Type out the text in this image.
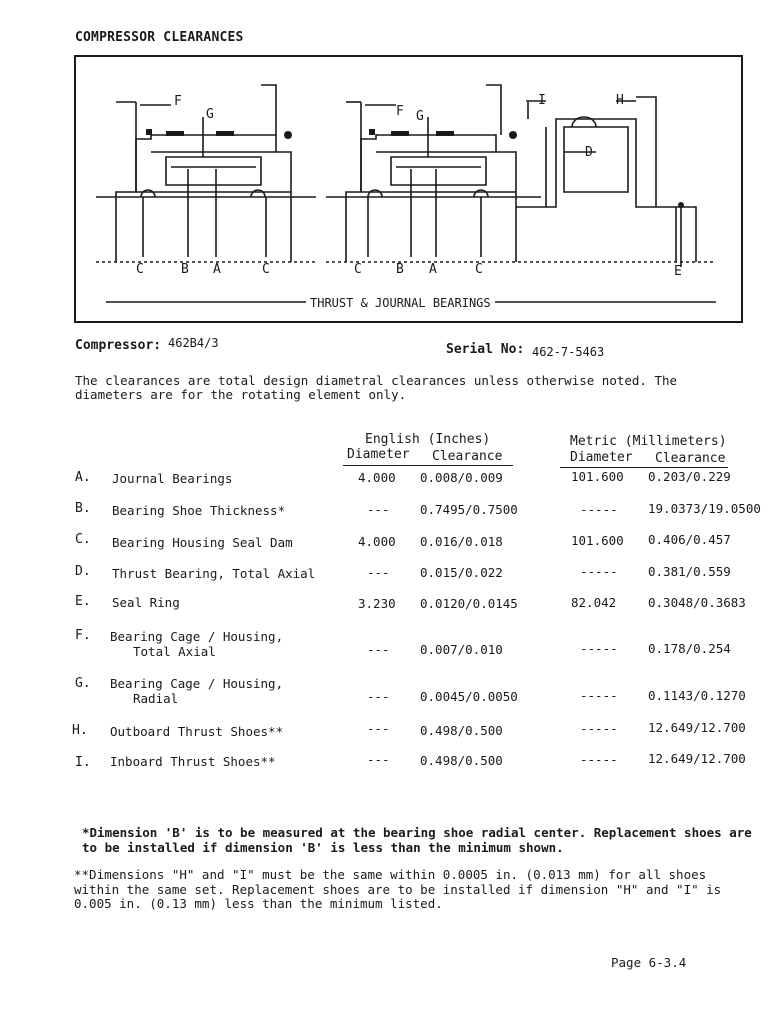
COMPRESSOR CLEARANCES
F
G
C	B A	C
F G
I	H
D
C	B A	C	E
THRUST & JOURNAL BEARINGS
Compressor: 462B4/3	Serial No: 462-7-5463
The clearances are total design diametral clearances unless otherwise noted. The diameters are for the rotating element only.
English (Inches)	Metric (Millimeters)
Diameter Clearance	Diameter Clearance
A. Journal Bearings	4.000 0.008/0.009	101.600 0.203/0.229
B. Bearing Shoe Thickness*	--- 0.7495/0.7500	----- 19.0373/19.0500
C. Bearing Housing Seal Dam	4.000 0.016/0.018	101.600 0.406/0.457
D. Thrust Bearing, Total Axial	--- 0.015/0.022	----- 0.381/0.559
E. Seal Ring	3.230 0.0120/0.0145	82.042	0.3048/0.3683
F. Bearing Cage / Housing,
Total Axial	--- 0.007/0.010	----- 0.178/0.254
G. Bearing Cage / Housing,
Radial	--- 0.0045/0.0050	----- 0.1143/0.1270
H. Outboard Thrust Shoes**	--- 0.498/0.500	----- 12.649/12.700
I. Inboard Thrust Shoes**	--- 0.498/0.500	----- 12.649/12.700
*Dimension 'B' is to be measured at the bearing shoe radial center. Replacement shoes are to be installed if dimension 'B' is less than the minimum shown.
**Dimensions "H" and "I" must be the same within 0.0005 in. (0.013 mm) for all shoes within the same set. Replacement shoes are to be installed if dimension "H" and "I" is 0.005 in. (0.13 mm) less than the minimum listed.
Page 6-3.4
